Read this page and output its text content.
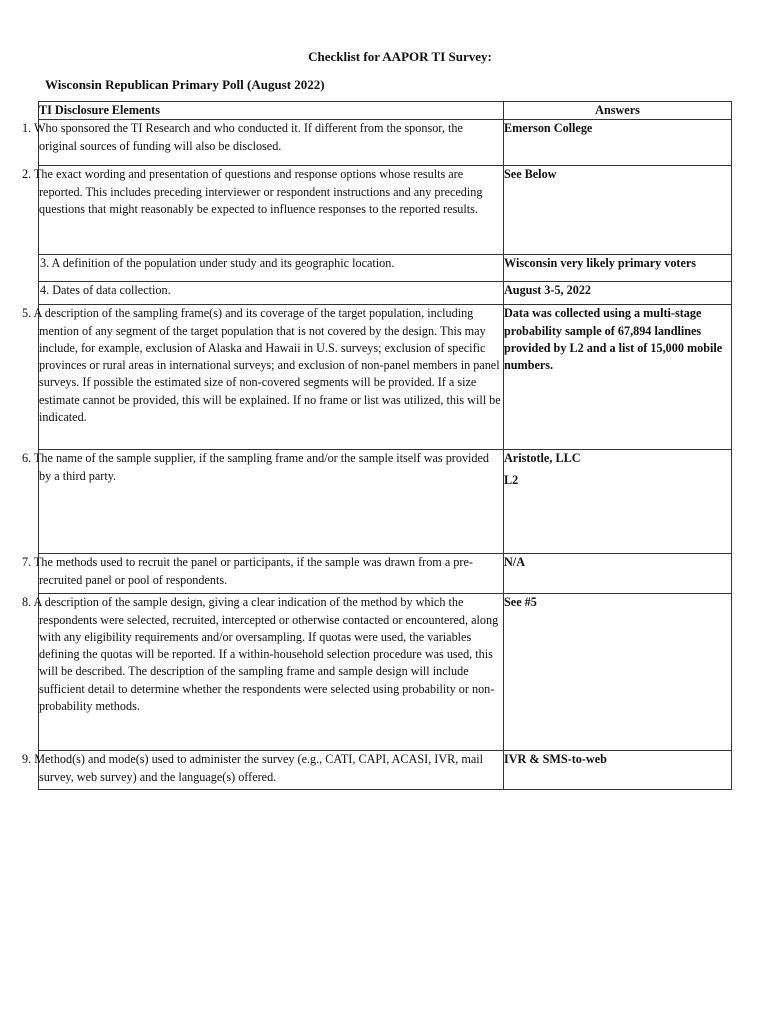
Checklist for AAPOR TI Survey:
Wisconsin Republican Primary Poll (August 2022)
TI Disclosure Elements	Answers
1. Who sponsored the TI Research and who conducted it. If different from the sponsor, the original sources of funding will also be disclosed.	Emerson College
2. The exact wording and presentation of questions and response options whose results are reported. This includes preceding interviewer or respondent instructions and any preceding questions that might reasonably be expected to influence responses to the reported results.	See Below
3. A definition of the population under study and its geographic location.	Wisconsin very likely primary voters
4. Dates of data collection.	August 3-5, 2022
5. A description of the sampling frame(s) and its coverage of the target population, including mention of any segment of the target population that is not covered by the design. This may include, for example, exclusion of Alaska and Hawaii in U.S. surveys; exclusion of specific provinces or rural areas in international surveys; and exclusion of non-panel members in panel surveys. If possible the estimated size of non-covered segments will be provided. If a size estimate cannot be provided, this will be explained. If no frame or list was utilized, this will be indicated.	Data was collected using a multi-stage probability sample of 67,894 landlines provided by L2 and a list of 15,000 mobile numbers.
6. The name of the sample supplier, if the sampling frame and/or the sample itself was provided by a third party.	Aristotle, LLC
L2

7. The methods used to recruit the panel or participants, if the sample was drawn from a pre-recruited panel or pool of respondents.	N/A
8. A description of the sample design, giving a clear indication of the method by which the respondents were selected, recruited, intercepted or otherwise contacted or encountered, along with any eligibility requirements and/or oversampling. If quotas were used, the variables defining the quotas will be reported. If a within-household selection procedure was used, this will be described. The description of the sampling frame and sample design will include sufficient detail to determine whether the respondents were selected using probability or non-probability methods.	See #5
9. Method(s) and mode(s) used to administer the survey (e.g., CATI, CAPI, ACASI, IVR, mail survey, web survey) and the language(s) offered.	IVR & SMS-to-web
